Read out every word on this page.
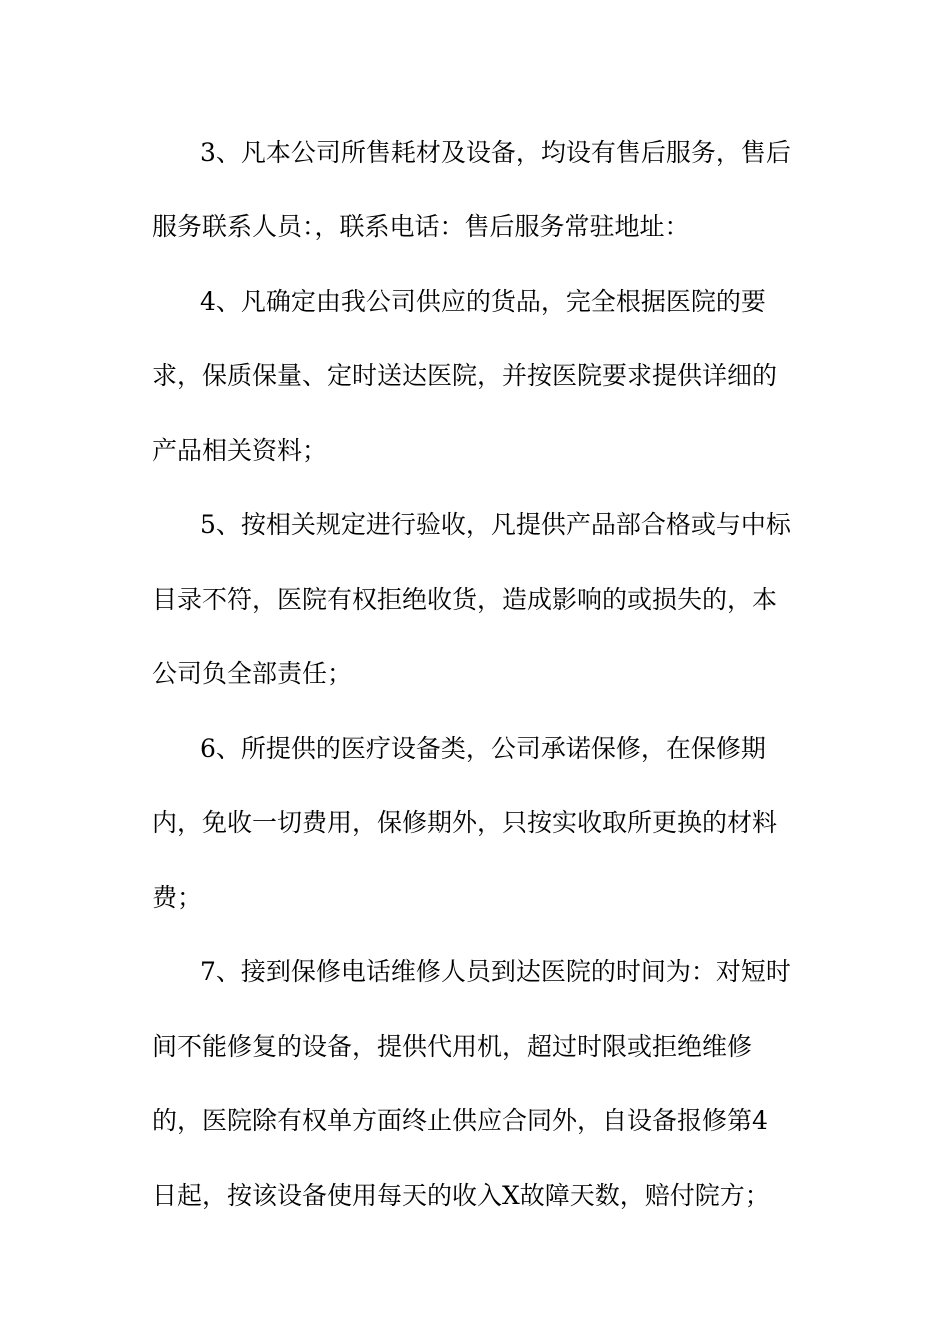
3、凡本公司所售耗材及设备，均设有售后服务，售后
服务联系人员：，联系电话：售后服务常驻地址：
4、凡确定由我公司供应的货品，完全根据医院的要
求，保质保量、定时送达医院，并按医院要求提供详细的
产品相关资料；
5、按相关规定进行验收，凡提供产品部合格或与中标
目录不符，医院有权拒绝收货，造成影响的或损失的，本
公司负全部责任；
6、所提供的医疗设备类，公司承诺保修，在保修期
内，免收一切费用，保修期外，只按实收取所更换的材料
费；
7、接到保修电话维修人员到达医院的时间为：对短时
间不能修复的设备，提供代用机，超过时限或拒绝维修
的，医院除有权单方面终止供应合同外，自设备报修第4
日起，按该设备使用每天的收入X故障天数，赔付院方；
